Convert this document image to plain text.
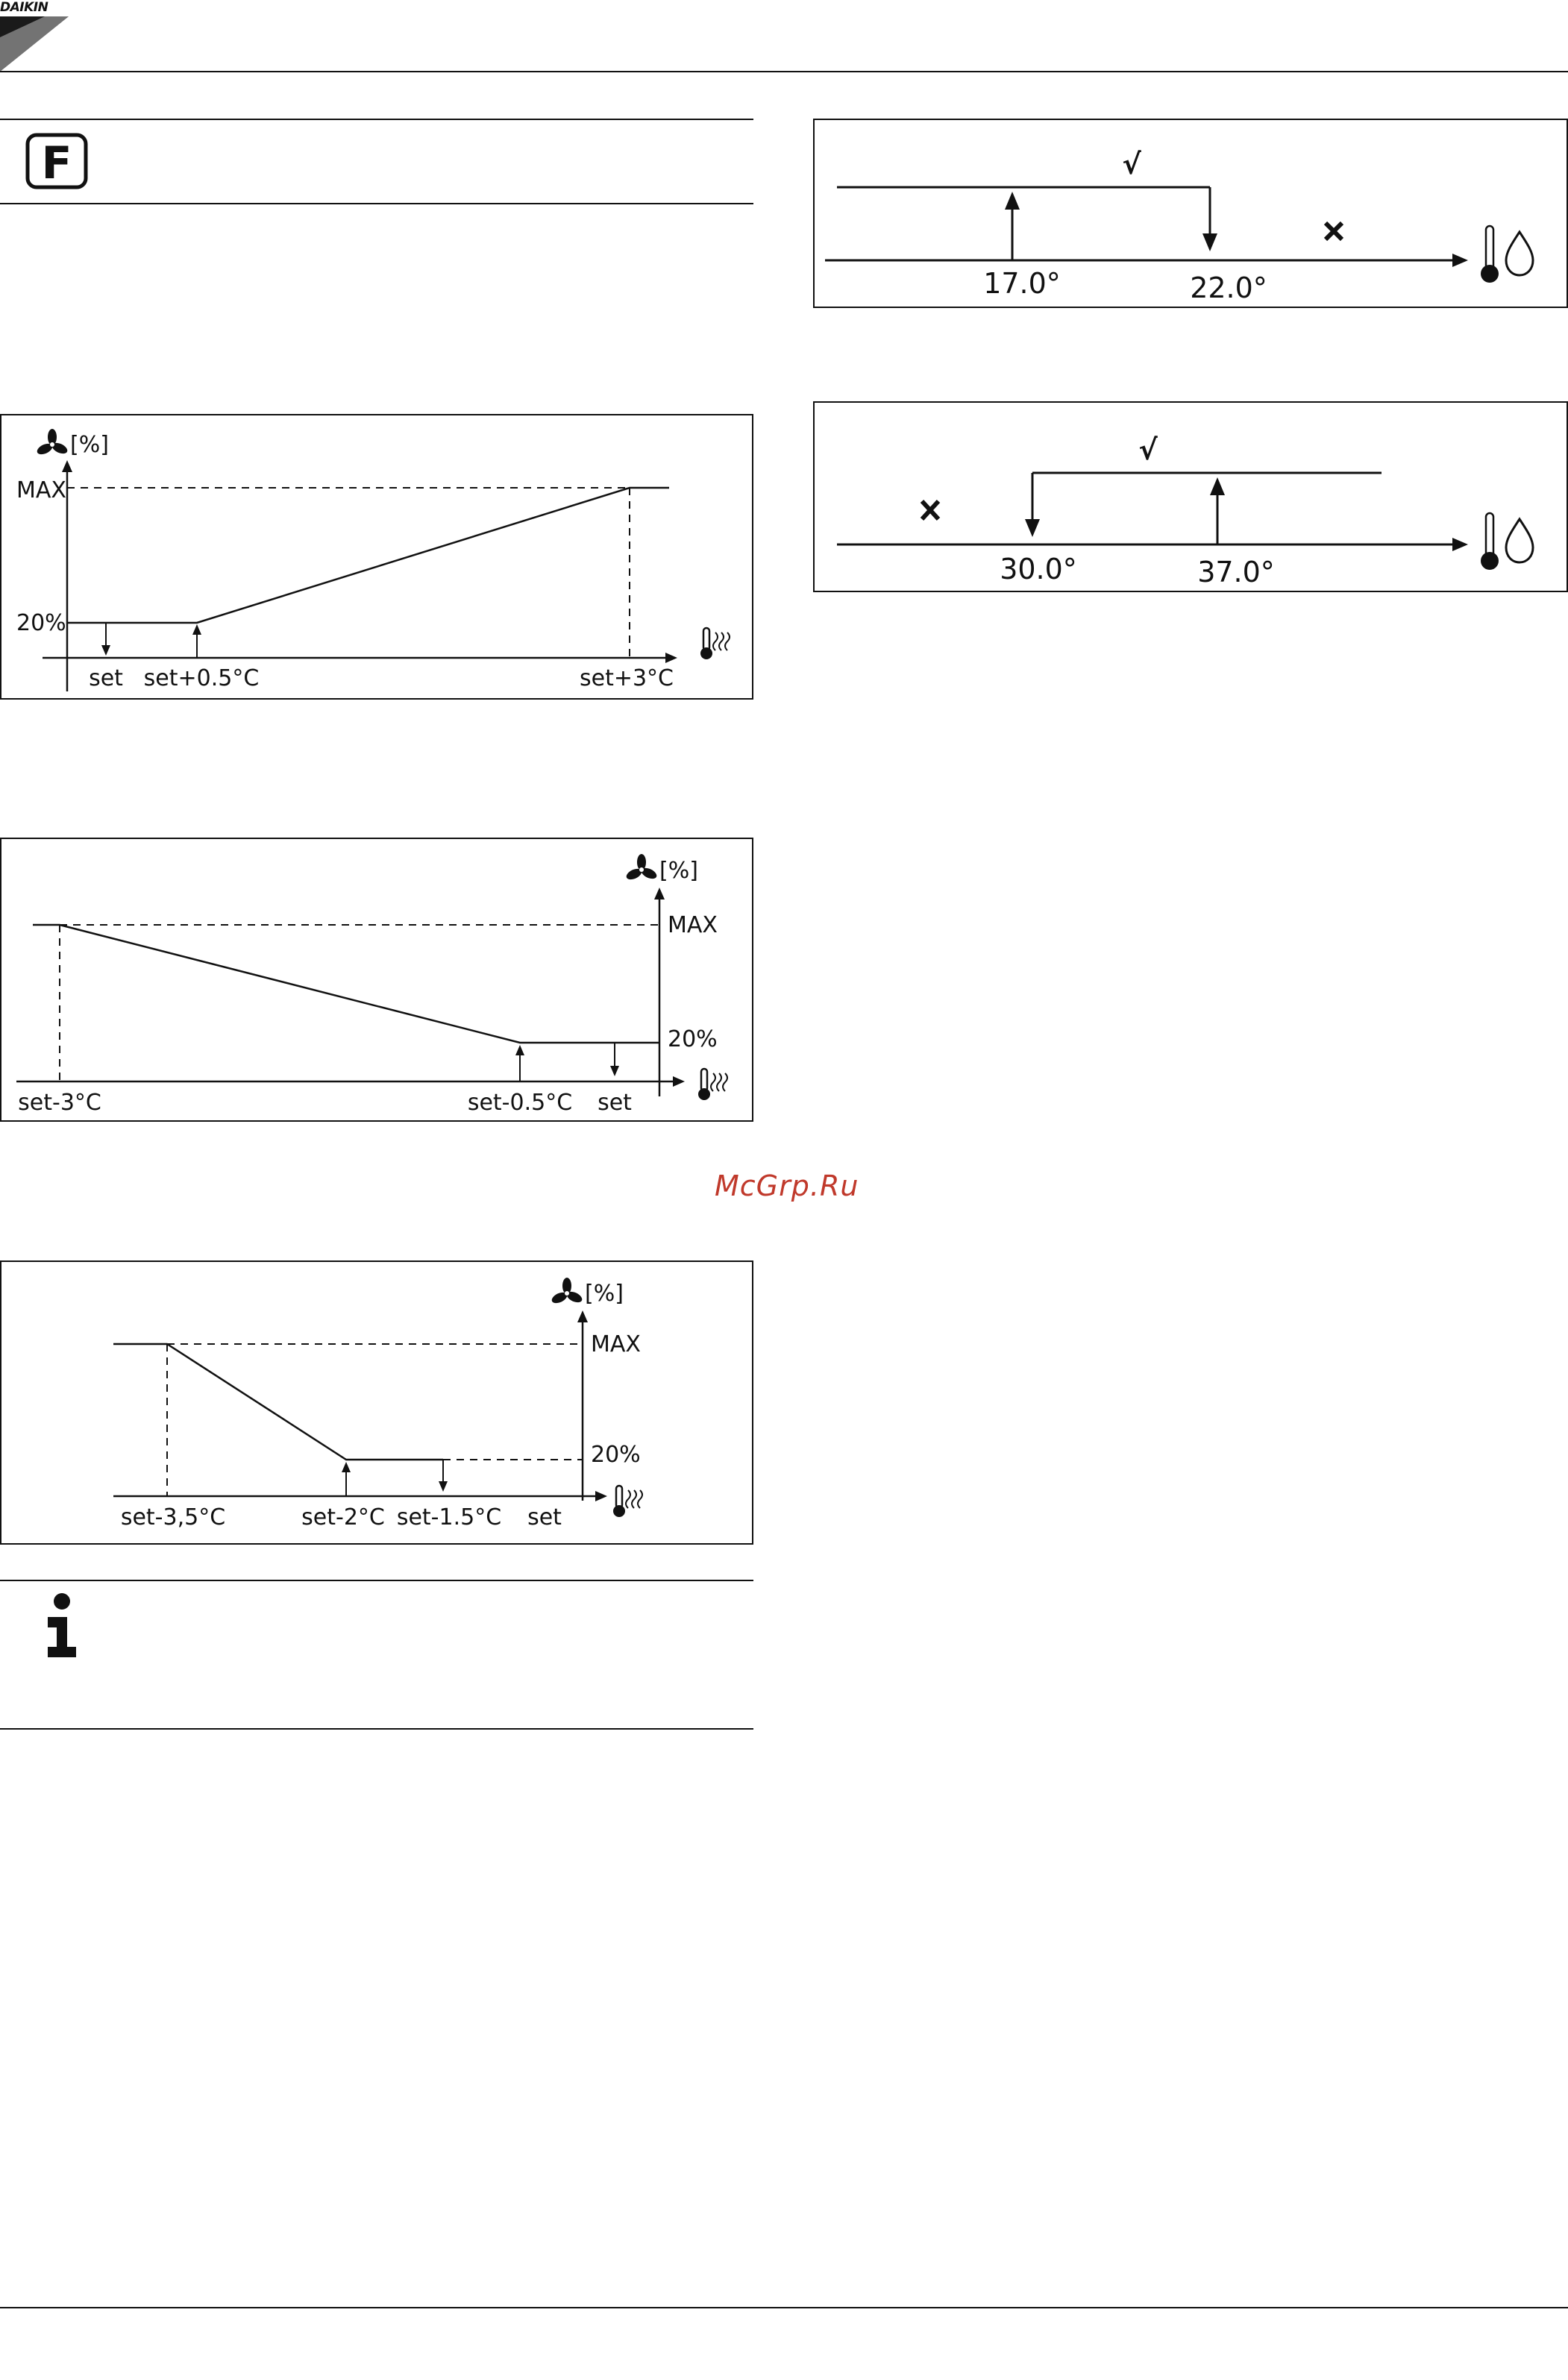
DAIKIN
F
[%]
MAX
20%
set set+0.5°C	set+3°C
[%]
MAX
20%
set-3°C	set-0.5°C set
McGrp.Ru
[%]
MAX
20%
set-3,5°C	set-2°C set-1.5°C set
i
√
17.0°	22.0°
√
30.0°	37.0°
